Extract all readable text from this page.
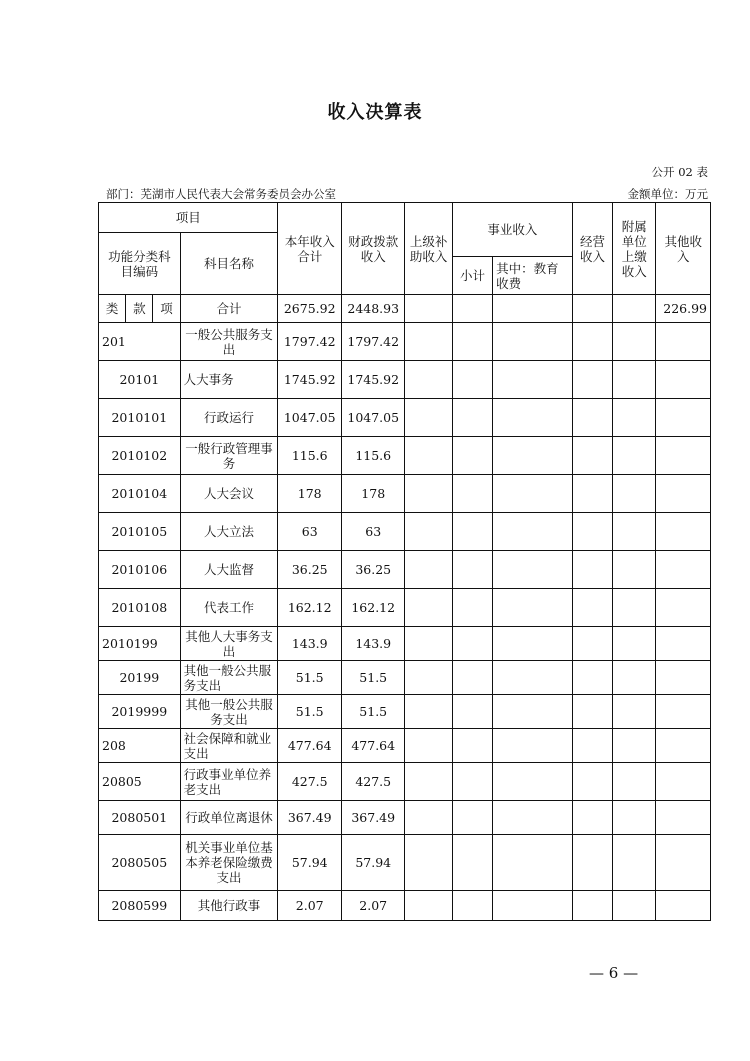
收入决算表
公开 02 表
部门：芜湖市人民代表大会常务委员会办公室	金额单位：万元
项目				本年收入合计	财政拨款收入	上级补助收入	事业收入		经营收入	附属单位上缴收入	其他收入
功能分类科目编码			科目名称								
							小计	其中：教育收费			
类	款	项	合计	2675.92	2448.93						226.99
201			一般公共服务支出	1797.42	1797.42						
20101			人大事务	1745.92	1745.92						
2010101			行政运行	1047.05	1047.05						
2010102			一般行政管理事务	115.6	115.6						
2010104			人大会议	178	178						
2010105			人大立法	63	63						
2010106			人大监督	36.25	36.25						
2010108			代表工作	162.12	162.12						
2010199			其他人大事务支出	143.9	143.9						
20199			其他一般公共服务支出	51.5	51.5						
2019999			其他一般公共服务支出	51.5	51.5						
208			社会保障和就业支出	477.64	477.64						
20805			行政事业单位养老支出	427.5	427.5						
2080501			行政单位离退休	367.49	367.49						
2080505			机关事业单位基本养老保险缴费支出	57.94	57.94						
2080599			其他行政事	2.07	2.07						
— 6 —
